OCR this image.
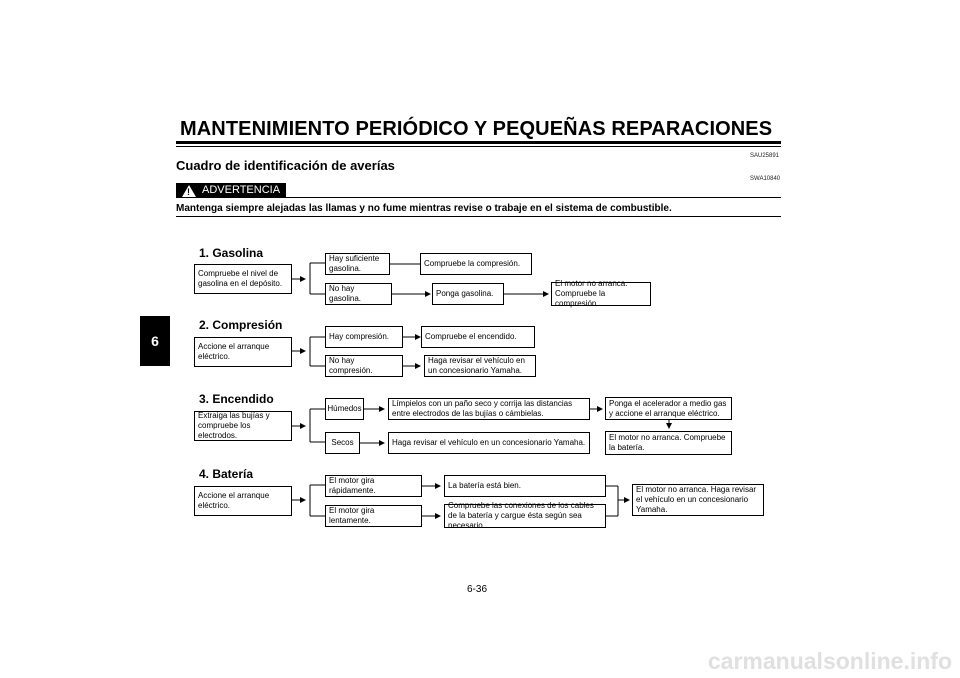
MANTENIMIENTO PERIÓDICO Y PEQUEÑAS REPARACIONES
SAU25891
Cuadro de identificación de averías
SWA10840
! ADVERTENCIA
Mantenga siempre alejadas las llamas y no fume mientras revise o trabaje en el sistema de combustible.
6
1. Gasolina
Compruebe el nivel de gasolina en el depósito.
Hay suficiente gasolina.
Compruebe la compresión.
No hay gasolina.
Ponga gasolina.
El motor no arranca. Compruebe la compresión.
2. Compresión
Accione el arranque eléctrico.
Hay compresión.	Compruebe el encendido.
No hay compresión.
Haga revisar el vehículo en un concesionario Yamaha.
3. Encendido
Extraiga las bujías y compruebe los electrodos.
Húmedos
Límpielos con un paño seco y corrija las distancias entre electrodos de las bujías o cámbielas.
Ponga el acelerador a medio gas y accione el arranque eléctrico.
El motor no arranca. Compruebe la batería.
Secos	Haga revisar el vehículo en un concesionario Yamaha.
4. Batería
Accione el arranque eléctrico.
El motor gira rápidamente.
La batería está bien.
El motor gira lentamente.
Compruebe las conexiones de los cables de la batería y cargue ésta según sea necesario.
El motor no arranca. Haga revisar el vehículo en un concesionario Yamaha.
6-36
carmanualsonline.info
